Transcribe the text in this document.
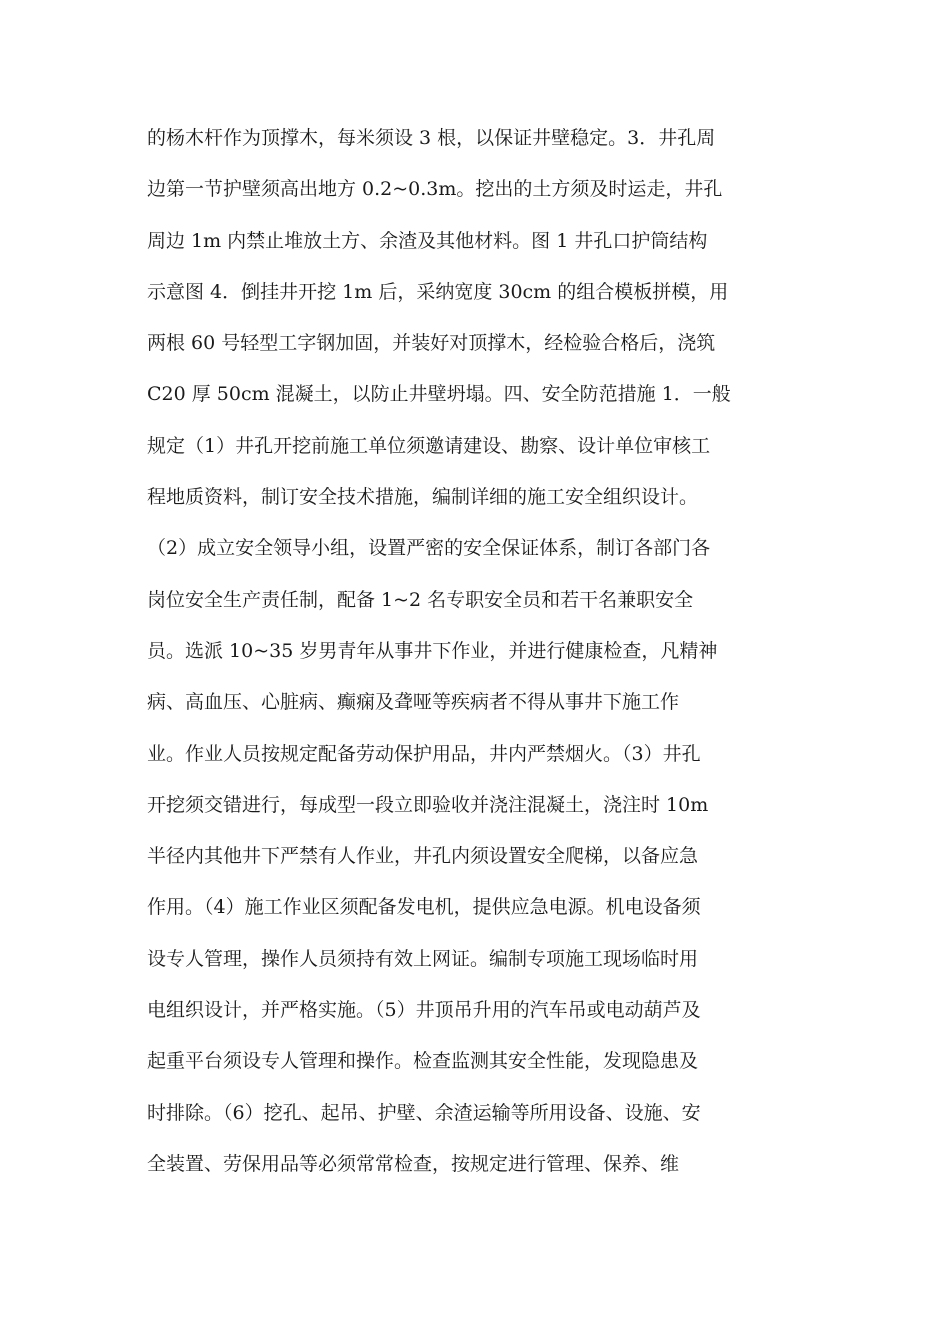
的杨木杆作为顶撑木，每米须设 3 根，以保证井壁稳定。3．井孔周
边第一节护壁须高出地方 0.2~0.3m。挖出的土方须及时运走，井孔
周边 1m 内禁止堆放土方、余渣及其他材料。图 1 井孔口护筒结构
示意图 4．倒挂井开挖 1m 后，采纳宽度 30cm 的组合模板拼模，用
两根 60 号轻型工字钢加固，并装好对顶撑木，经检验合格后，浇筑
C20 厚 50cm 混凝土，以防止井壁坍塌。四、安全防范措施 1．一般
规定（1）井孔开挖前施工单位须邀请建设、勘察、设计单位审核工
程地质资料，制订安全技术措施，编制详细的施工安全组织设计。
（2）成立安全领导小组，设置严密的安全保证体系，制订各部门各
岗位安全生产责任制，配备 1~2 名专职安全员和若干名兼职安全
员。选派 10~35 岁男青年从事井下作业，并进行健康检查，凡精神
病、高血压、心脏病、癫痫及聋哑等疾病者不得从事井下施工作
业。作业人员按规定配备劳动保护用品，井内严禁烟火。（3）井孔
开挖须交错进行，每成型一段立即验收并浇注混凝土，浇注时 10m
半径内其他井下严禁有人作业，井孔内须设置安全爬梯，以备应急
作用。（4）施工作业区须配备发电机，提供应急电源。机电设备须
设专人管理，操作人员须持有效上网证。编制专项施工现场临时用
电组织设计，并严格实施。（5）井顶吊升用的汽车吊或电动葫芦及
起重平台须设专人管理和操作。检查监测其安全性能，发现隐患及
时排除。（6）挖孔、起吊、护壁、余渣运输等所用设备、设施、安
全装置、劳保用品等必须常常检查，按规定进行管理、保养、维
